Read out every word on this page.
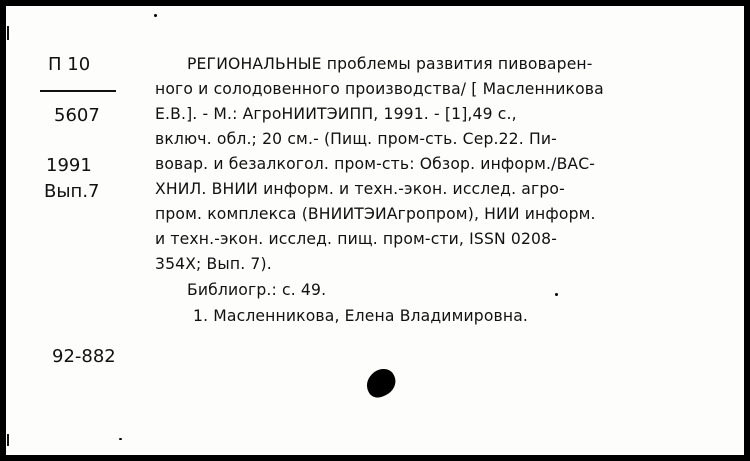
П 10
5607
1991
Вып.7
92-882
РЕГИОНАЛЬНЫЕ проблемы развития пивоварен-
ного и солодовенного производства/ [ Масленникова
Е.В.]. - М.: АгроНИИТЭИПП, 1991. - [1],49 с.,
включ. обл.; 20 см.- (Пищ. пром-сть. Сер.22. Пи-
вовар. и безалкогол. пром-сть: Обзор. информ./ВАС-
ХНИЛ. ВНИИ информ. и техн.-экон. исслед. агро-
пром. комплекса (ВНИИТЭИАгропром), НИИ информ.
и техн.-экон. исслед. пищ. пром-сти, ISSN 0208-
354X; Вып. 7).
Библиогр.: с. 49.
1. Масленникова, Елена Владимировна.
